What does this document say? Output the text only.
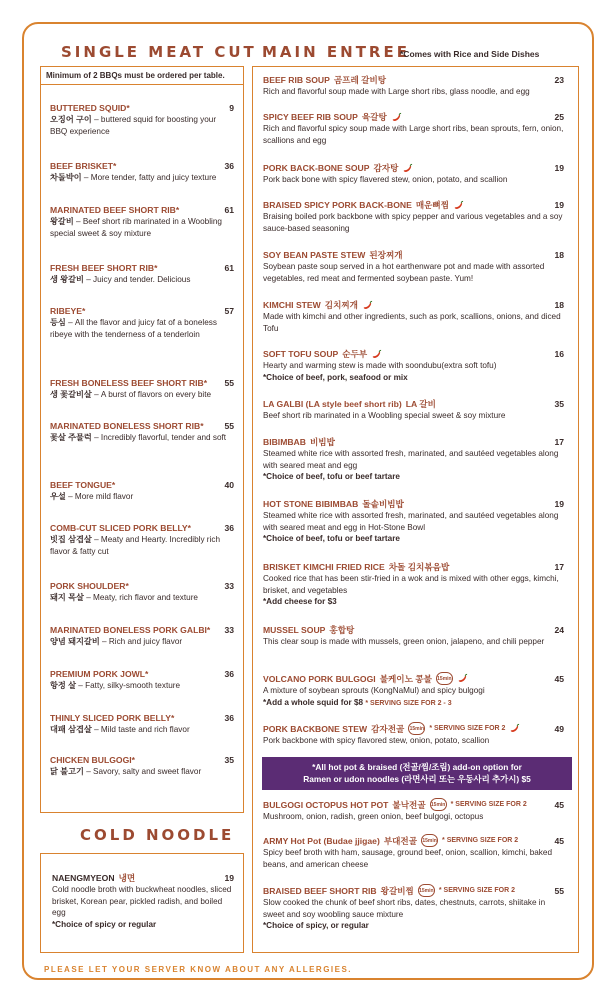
SINGLE MEAT CUT
Minimum of 2 BBQs must be ordered per table.
BUTTERED SQUID*	9
오징어 구이 – buttered squid for boosting your BBQ experience
BEEF BRISKET*	36
차돌박이 – More tender, fatty and juicy texture
MARINATED BEEF SHORT RIB*	61
왕갈비 – Beef short rib marinated in a Woobling special sweet & soy mixture
FRESH BEEF SHORT RIB*	61
생 왕갈비 – Juicy and tender. Delicious
RIBEYE*	57
등심 – All the flavor and juicy fat of a boneless ribeye with the tenderness of a tenderloin
FRESH BONELESS BEEF SHORT RIB* 55
생 꽃갈비살 – A burst of flavors on every bite
MARINATED BONELESS SHORT RIB* 55
꽃살 주물럭 – Incredibly flavorful, tender and soft
BEEF TONGUE*	40
우설 – More mild flavor
COMB-CUT SLICED PORK BELLY*	36
빗집 삼겹살 – Meaty and Hearty. Incredibly rich flavor & fatty cut
PORK SHOULDER*	33
돼지 목살 – Meaty, rich flavor and texture
MARINATED BONELESS PORK GALBI* 33
양념 돼지갈비 – Rich and juicy flavor
PREMIUM PORK JOWL*	36
항정 살 – Fatty, silky-smooth texture
THINLY SLICED PORK BELLY*	36
대패 삼겹살 – Mild taste and rich flavor
CHICKEN BULGOGI*	35
닭 불고기 – Savory, salty and sweet flavor
COLD NOODLE
NAENGMYEON 냉면	19
Cold noodle broth with buckwheat noodles, sliced brisket, Korean pear, pickled radish, and boiled egg
*Choice of spicy or regular
MAIN ENTREE
*Comes with Rice and Side Dishes
BEEF RIB SOUP 곰프레 갈비탕	23
Rich and flavorful soup made with Large short ribs, glass noodle, and egg
SPICY BEEF RIB SOUP 육갈탕	25
Rich and flavorful spicy soup made with Large short ribs, bean sprouts, fern, onion, scallions and egg
PORK BACK-BONE SOUP 감자탕	19
Pork back bone with spicy flavered stew, onion, potato, and scallion
BRAISED SPICY PORK BACK-BONE 매운뼈찜	19
Braising boiled pork backbone with spicy pepper and various vegetables and a soy sauce-based seasoning
SOY BEAN PASTE STEW 된장찌개	18
Soybean paste soup served in a hot earthenware pot and made with assorted vegetables, red meat and fermented soybean paste. Yum!
KIMCHI STEW 김치찌개	18
Made with kimchi and other ingredients, such as pork, scallions, onions, and diced Tofu
SOFT TOFU SOUP 순두부	16
Hearty and warming stew is made with soondubu(extra soft tofu)
*Choice of beef, pork, seafood or mix
LA GALBI (LA style beef short rib) LA 갈비	35
Beef short rib marinated in a Woobling special sweet & soy mixture
BIBIMBAB 비빔밥	17
Steamed white rice with assorted fresh, marinated, and sautéed vegetables along with seared meat and egg
*Choice of beef, tofu or beef tartare
HOT STONE BIBIMBAB 돌솥비빔밥	19
Steamed white rice with assorted fresh, marinated, and sautéed vegetables along with seared meat and egg in Hot-Stone Bowl
*Choice of beef, tofu or beef tartare
BRISKET KIMCHI FRIED RICE 차돌 김치볶음밥	17
Cooked rice that has been stir-fried in a wok and is mixed with other eggs, kimchi, brisket, and vegetables
*Add cheese for $3
MUSSEL SOUP 홍합탕	24
This clear soup is made with mussels, green onion, jalapeno, and chili pepper
VOLCANO PORK BULGOGI 불케이노 콩불 15min	45
A mixture of soybean sprouts (KongNaMul) and spicy bulgogi
*Add a whole squid for $8 * SERVING SIZE FOR 2 - 3
PORK BACKBONE STEW 감자전골 15min * SERVING SIZE FOR 2	49
Pork backbone with spicy flavored stew, onion, potato, scallion
BULGOGI OCTOPUS HOT POT 불낙전골 15min * SERVING SIZE FOR 2	45
Mushroom, onion, radish, green onion, beef bulgogi, octopus
ARMY Hot Pot (Budae jjigae) 부대전골 15min * SERVING SIZE FOR 2	45
Spicy beef broth with ham, sausage, ground beef, onion, scallion, kimchi, baked beans, and american cheese
BRAISED BEEF SHORT RIB 왕갈비찜 15min * SERVING SIZE FOR 2	55
Slow cooked the chunk of beef short ribs, dates, chestnuts, carrots, shiitake in sweet and soy woobling sauce mixture
*Choice of spicy, or regular
*All hot pot & braised (전골/찜/조림) add-on option for
Ramen or udon noodles (라면사리 또는 우동사리 추가시) $5
PLEASE LET YOUR SERVER KNOW ABOUT ANY ALLERGIES.
